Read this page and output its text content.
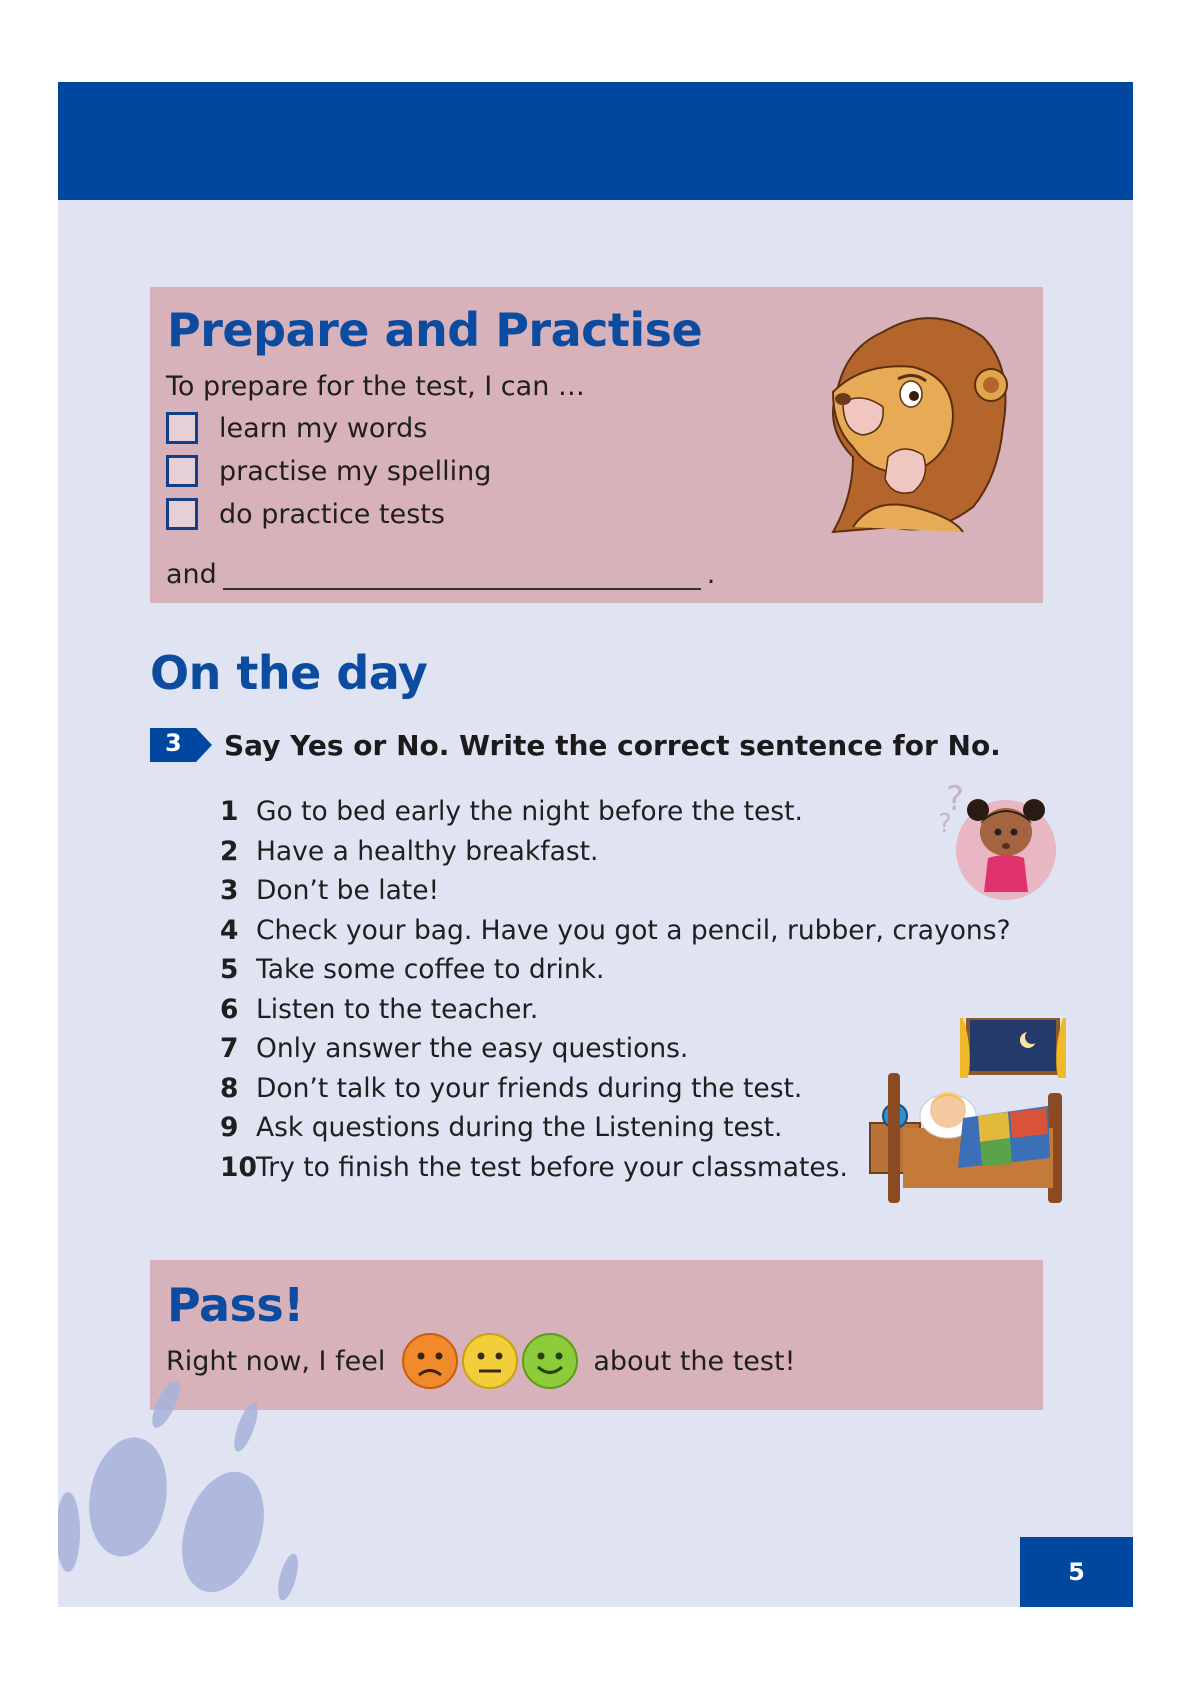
Prepare and Practise
To prepare for the test, I can …
learn my words
practise my spelling
do practice tests
and	.
On the day
3 Say Yes or No. Write the correct sentence for No.
1 Go to bed early the night before the test.
2 Have a healthy breakfast.
3 Don’t be late!
4 Check your bag. Have you got a pencil, rubber, crayons?
5 Take some coffee to drink.
6 Listen to the teacher.
7 Only answer the easy questions.
8 Don’t talk to your friends during the test.
9 Ask questions during the Listening test.
10 Try to finish the test before your classmates.
?
?
Pass!
Right now, I feel	about the test!
5
